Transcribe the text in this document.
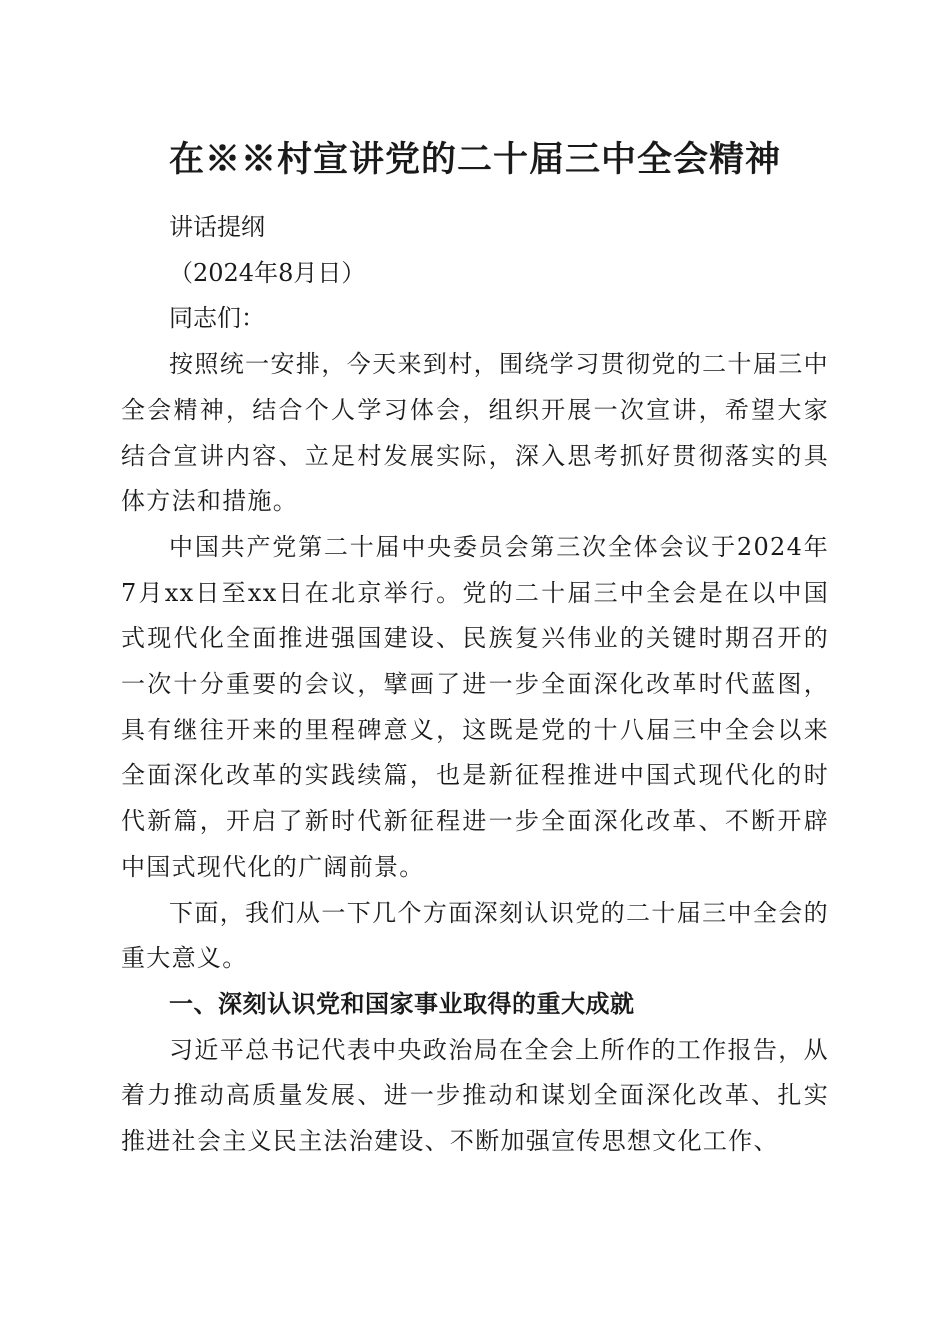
在※※村宣讲党的二十届三中全会精神

讲话提纲

（2024年8月日）

同志们：

按照统一安排，今天来到村，围绕学习贯彻党的二十届三中全会精神，结合个人学习体会，组织开展一次宣讲，希望大家结合宣讲内容、立足村发展实际，深入思考抓好贯彻落实的具体方法和措施。

中国共产党第二十届中央委员会第三次全体会议于2024年7月xx日至xx日在北京举行。党的二十届三中全会是在以中国式现代化全面推进强国建设、民族复兴伟业的关键时期召开的一次十分重要的会议，擘画了进一步全面深化改革时代蓝图，具有继往开来的里程碑意义，这既是党的十八届三中全会以来全面深化改革的实践续篇，也是新征程推进中国式现代化的时代新篇，开启了新时代新征程进一步全面深化改革、不断开辟中国式现代化的广阔前景。

下面，我们从一下几个方面深刻认识党的二十届三中全会的重大意义。

一、深刻认识党和国家事业取得的重大成就

习近平总书记代表中央政治局在全会上所作的工作报告，从着力推动高质量发展、进一步推动和谋划全面深化改革、扎实推进社会主义民主法治建设、不断加强宣传思想文化工作、
